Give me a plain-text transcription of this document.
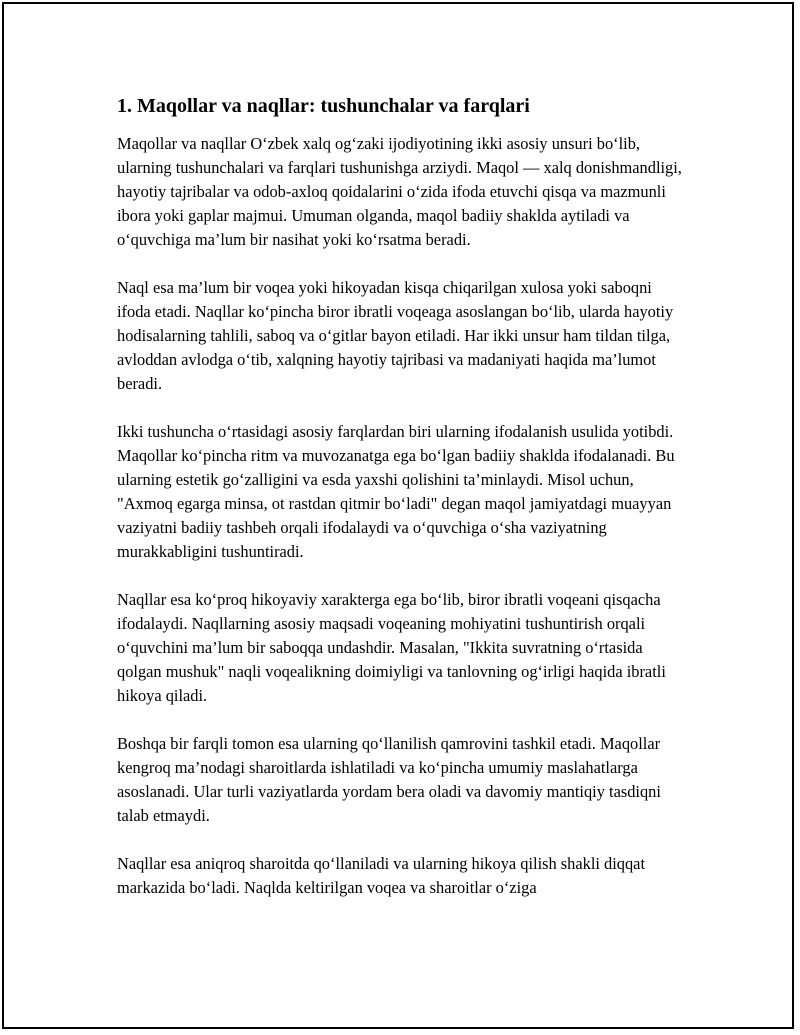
1. Maqollar va naqllar: tushunchalar va farqlari

Maqollar va naqllar O‘zbek xalq og‘zaki ijodiyotining ikki asosiy unsuri bo‘lib, ularning tushunchalari va farqlari tushunishga arziydi. Maqol — xalq donishmandligi, hayotiy tajribalar va odob-axloq qoidalarini o‘zida ifoda etuvchi qisqa va mazmunli ibora yoki gaplar majmui. Umuman olganda, maqol badiiy shaklda aytiladi va o‘quvchiga ma’lum bir nasihat yoki ko‘rsatma beradi.

Naql esa ma’lum bir voqea yoki hikoyadan kisqa chiqarilgan xulosa yoki saboqni ifoda etadi. Naqllar ko‘pincha biror ibratli voqeaga asoslangan bo‘lib, ularda hayotiy hodisalarning tahlili, saboq va o‘gitlar bayon etiladi. Har ikki unsur ham tildan tilga, avloddan avlodga o‘tib, xalqning hayotiy tajribasi va madaniyati haqida ma’lumot beradi.

Ikki tushuncha o‘rtasidagi asosiy farqlardan biri ularning ifodalanish usulida yotibdi. Maqollar ko‘pincha ritm va muvozanatga ega bo‘lgan badiiy shaklda ifodalanadi. Bu ularning estetik go‘zalligini va esda yaxshi qolishini ta’minlaydi. Misol uchun, "Axmoq egarga minsa, ot rastdan qitmir bo‘ladi" degan maqol jamiyatdagi muayyan vaziyatni badiiy tashbeh orqali ifodalaydi va o‘quvchiga o‘sha vaziyatning murakkabligini tushuntiradi.

Naqllar esa ko‘proq hikoyaviy xarakterga ega bo‘lib, biror ibratli voqeani qisqacha ifodalaydi. Naqllarning asosiy maqsadi voqeaning mohiyatini tushuntirish orqali o‘quvchini ma’lum bir saboqqa undashdir. Masalan, "Ikkita suvratning o‘rtasida qolgan mushuk" naqli voqealikning doimiyligi va tanlovning og‘irligi haqida ibratli hikoya qiladi.

Boshqa bir farqli tomon esa ularning qo‘llanilish qamrovini tashkil etadi. Maqollar kengroq ma’nodagi sharoitlarda ishlatiladi va ko‘pincha umumiy maslahatlarga asoslanadi. Ular turli vaziyatlarda yordam bera oladi va davomiy mantiqiy tasdiqni talab etmaydi.

Naqllar esa aniqroq sharoitda qo‘llaniladi va ularning hikoya qilish shakli diqqat markazida bo‘ladi. Naqlda keltirilgan voqea va sharoitlar o‘ziga
